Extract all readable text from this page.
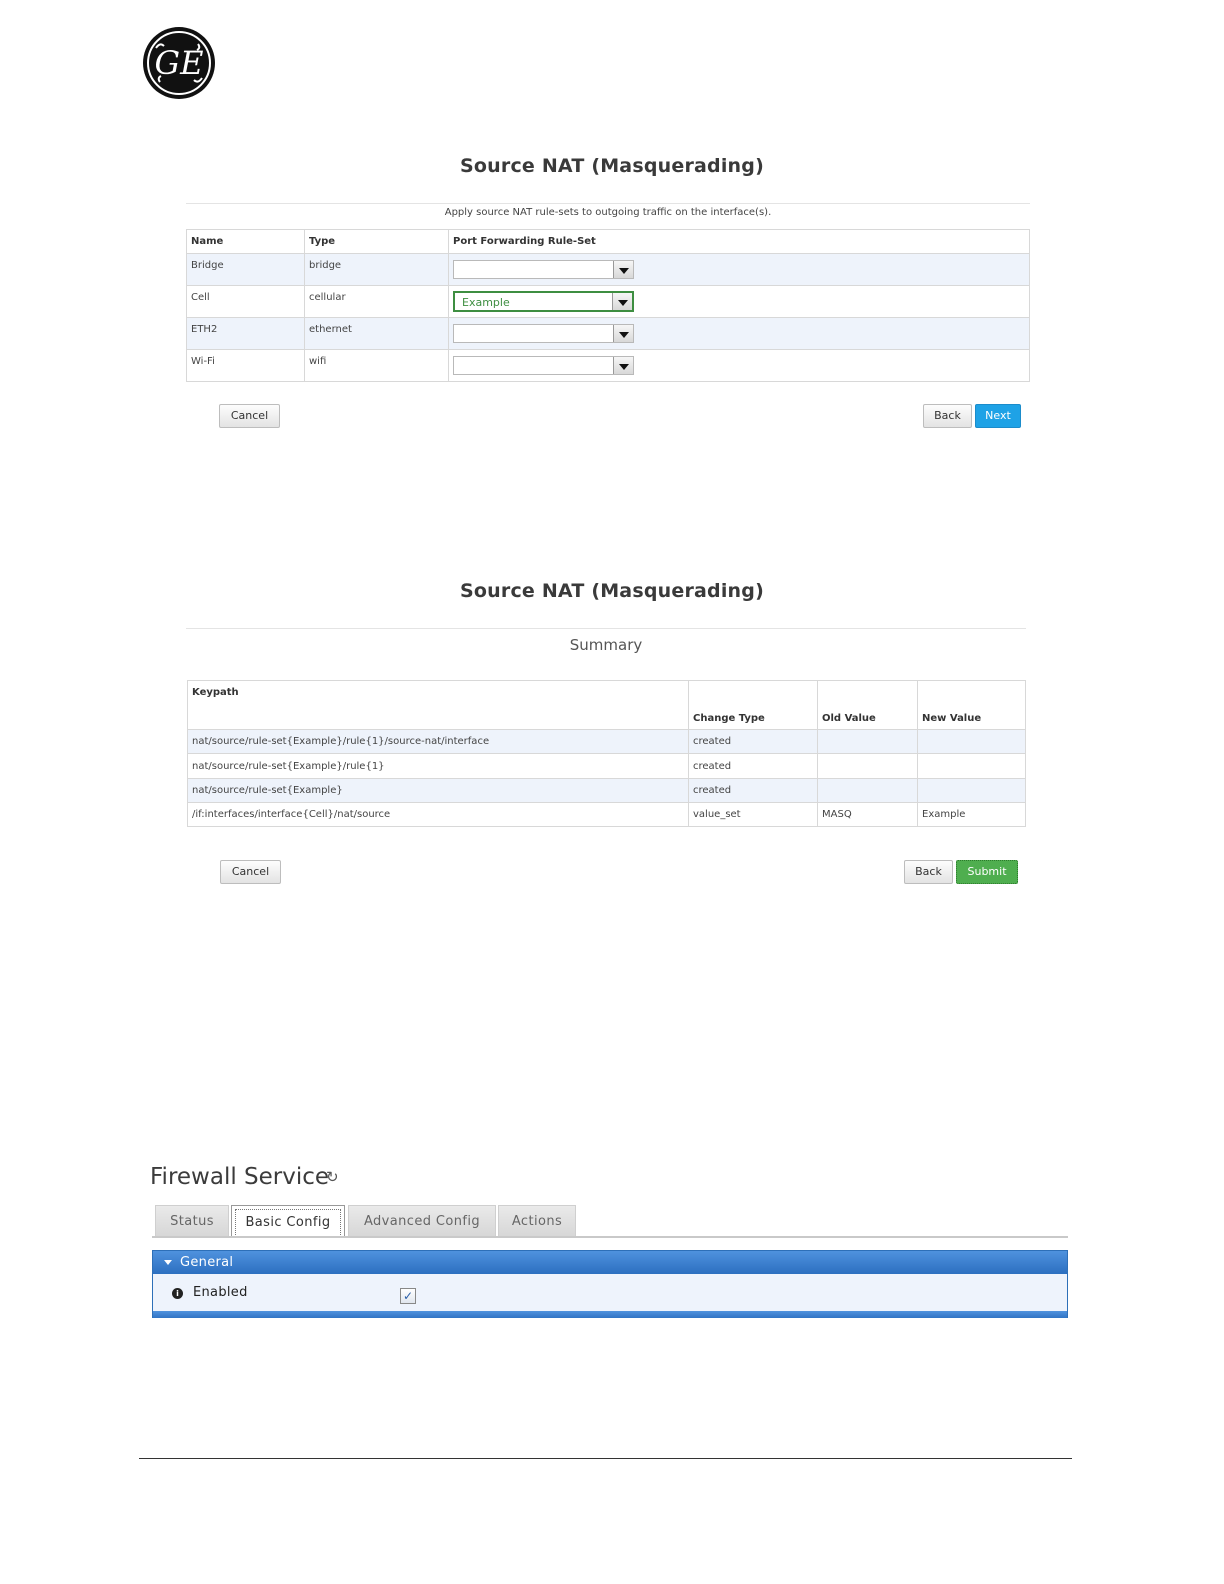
GE
Source NAT (Masquerading)
Apply source NAT rule-sets to outgoing traffic on the interface(s).
Name	Type	Port Forwarding Rule-Set
Bridge	bridge	

Cell	cellular	Example

ETH2	ethernet	

Wi-Fi	wifi	
Cancel	Back	Next
Source NAT (Masquerading)
Summary
Keypath	Change Type	Old Value	New Value
nat/source/rule-set{Example}/rule{1}/source-nat/interface	created		
nat/source/rule-set{Example}/rule{1}	created		
nat/source/rule-set{Example}	created		
/if:interfaces/interface{Cell}/nat/source	value_set	MASQ	Example
Cancel	Back	Submit
Firewall Service
↻
Status	Basic Config	Advanced Config	Actions
General
i	Enabled	✓
